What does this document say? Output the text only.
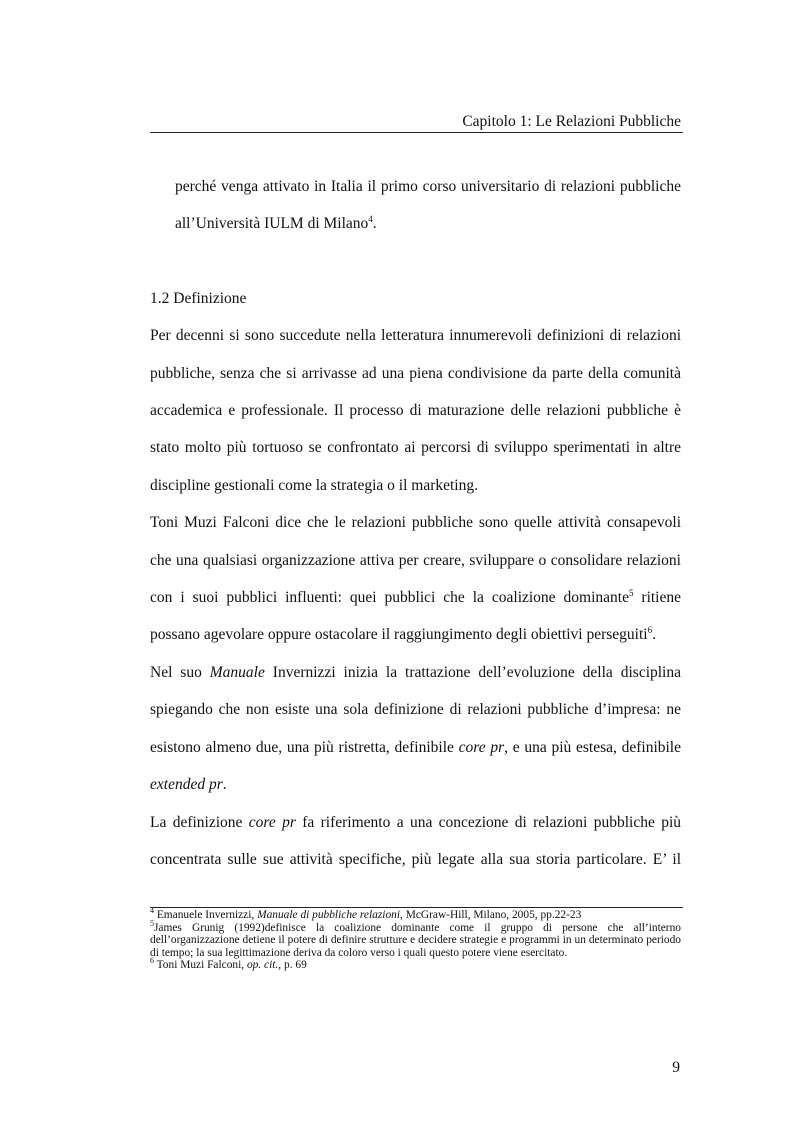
Capitolo 1: Le Relazioni Pubbliche

perché venga attivato in Italia il primo corso universitario di relazioni pubbliche all’Università IULM di Milano$^4$.

1.2 Definizione

Per decenni si sono succedute nella letteratura innumerevoli definizioni di relazioni pubbliche, senza che si arrivasse ad una piena condivisione da parte della comunità accademica e professionale. Il processo di maturazione delle relazioni pubbliche è stato molto più tortuoso se confrontato ai percorsi di sviluppo sperimentati in altre discipline gestionali come la strategia o il marketing.

Toni Muzi Falconi dice che le relazioni pubbliche sono quelle attività consapevoli che una qualsiasi organizzazione attiva per creare, sviluppare o consolidare relazioni con i suoi pubblici influenti: quei pubblici che la coalizione dominante$^5$ ritiene possano agevolare oppure ostacolare il raggiungimento degli obiettivi perseguiti$^6$.

Nel suo Manuale Invernizzi inizia la trattazione dell’evoluzione della disciplina spiegando che non esiste una sola definizione di relazioni pubbliche d’impresa: ne esistono almeno due, una più ristretta, definibile core pr, e una più estesa, definibile extended pr.

La definizione core pr fa riferimento a una concezione di relazioni pubbliche più concentrata sulle sue attività specifiche, più legate alla sua storia particolare. E’ il

$^4$ Emanuele Invernizzi, Manuale di pubbliche relazioni, McGraw-Hill, Milano, 2005, pp.22-23

$^5$James Grunig (1992)definisce la coalizione dominante come il gruppo di persone che all’interno dell’organizzazione detiene il potere di definire strutture e decidere strategie e programmi in un determinato periodo di tempo; la sua legittimazione deriva da coloro verso i quali questo potere viene esercitato.

$^6$ Toni Muzi Falconi, op. cit., p. 69

9
